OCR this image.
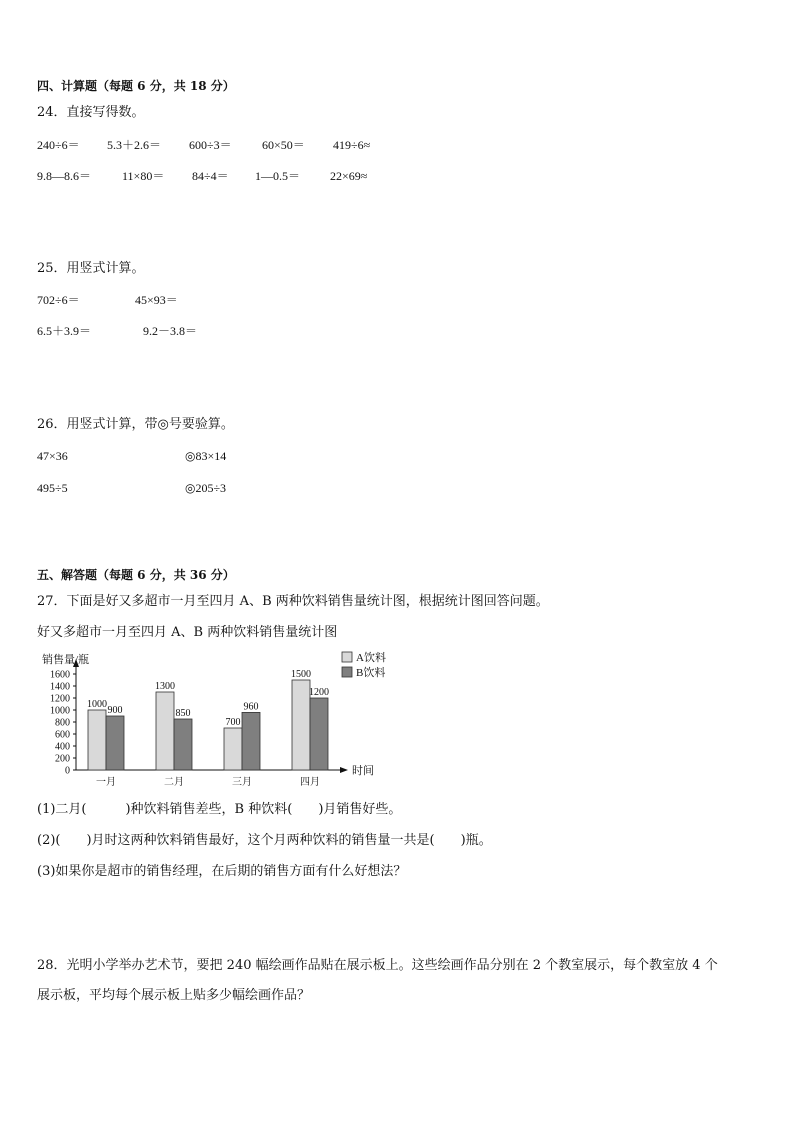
四、计算题（每题 6 分，共 18 分）
24．直接写得数。
240÷6＝ 5.3＋2.6＝ 600÷3＝	60×50＝ 419÷6≈
9.8—8.6＝	11×80＝ 84÷4＝ 1—0.5＝ 22×69≈
25．用竖式计算。
702÷6＝	45×93＝
6.5＋3.9＝	9.2－3.8＝
26．用竖式计算，带◎号要验算。
47×36	◎83×14
495÷5	◎205÷3
五、解答题（每题 6 分，共 36 分）
27．下面是好又多超市一月至四月 A、B 两种饮料销售量统计图，根据统计图回答问题。
好又多超市一月至四月 A、B 两种饮料销售量统计图
销售量/瓶
时间
0
200
400
600
800
1000
1200
1400
1600
1000
900
一月
1300
850
二月
700
960
三月
1500
1200
四月
A饮料
B饮料
(1)二月(　　　)种饮料销售差些，B 种饮料(　　)月销售好些。
(2)(　　)月时这两种饮料销售最好，这个月两种饮料的销售量一共是(　　)瓶。
(3)如果你是超市的销售经理，在后期的销售方面有什么好想法？
28．光明小学举办艺术节，要把 240 幅绘画作品贴在展示板上。这些绘画作品分别在 2 个教室展示，每个教室放 4 个
展示板，平均每个展示板上贴多少幅绘画作品？
